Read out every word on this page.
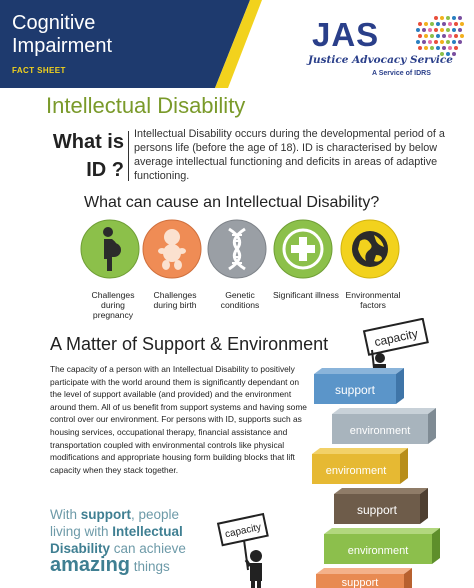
Cognitive
Impairment
FACT SHEET
JAS
Justice Advocacy Service
A Service of IDRS
Intellectual Disability
What is
ID ?
Intellectual Disability occurs during the developmental period of a persons life (before the age of 18). ID is characterised by below average intellectual functioning and deficits in areas of adaptive functioning.
What can cause an Intellectual Disability?
Challenges during pregnancy
Challenges during birth
Genetic conditions
Significant illness Environmental factors
A Matter of Support & Environment
The capacity of a person with an Intellectual Disability to positively participate with the world around them is significantly dependant on the level of support available (and provided) and the environment around them. All of us benefit from support systems and having some control over our environment. For persons with ID, supports such as housing services, occupational therapy, financial assistance and transportation coupled with environmental controls like physical modifications and appropriate housing form building blocks that lift capacity when they stack together.
With support, people living with Intellectual Disability can achieve amazing things
capacity
capacity
support
environment
environment
support
environment
support
